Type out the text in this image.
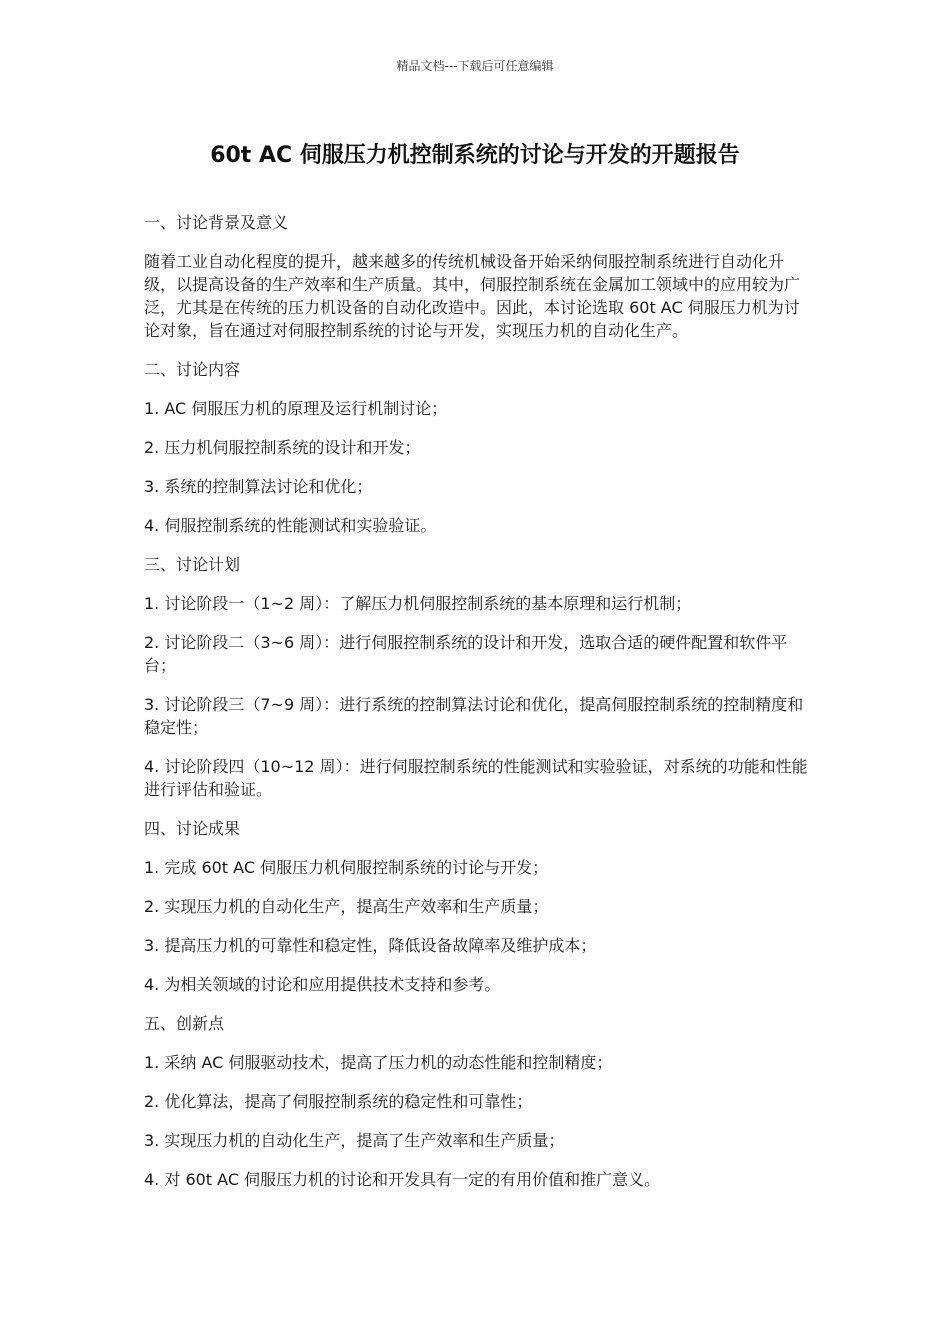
精品文档---下载后可任意编辑
60t AC 伺服压力机控制系统的讨论与开发的开题报告

一、讨论背景及意义

随着工业自动化程度的提升，越来越多的传统机械设备开始采纳伺服控制系统进行自动化升级，以提高设备的生产效率和生产质量。其中，伺服控制系统在金属加工领域中的应用较为广泛，尤其是在传统的压力机设备的自动化改造中。因此，本讨论选取 60t AC 伺服压力机为讨论对象，旨在通过对伺服控制系统的讨论与开发，实现压力机的自动化生产。

二、讨论内容

1. AC 伺服压力机的原理及运行机制讨论；

2. 压力机伺服控制系统的设计和开发；

3. 系统的控制算法讨论和优化；

4. 伺服控制系统的性能测试和实验验证。

三、讨论计划

1. 讨论阶段一（1~2 周）：了解压力机伺服控制系统的基本原理和运行机制；

2. 讨论阶段二（3~6 周）：进行伺服控制系统的设计和开发，选取合适的硬件配置和软件平台；

3. 讨论阶段三（7~9 周）：进行系统的控制算法讨论和优化，提高伺服控制系统的控制精度和稳定性；

4. 讨论阶段四（10~12 周）：进行伺服控制系统的性能测试和实验验证，对系统的功能和性能进行评估和验证。

四、讨论成果

1. 完成 60t AC 伺服压力机伺服控制系统的讨论与开发；

2. 实现压力机的自动化生产，提高生产效率和生产质量；

3. 提高压力机的可靠性和稳定性，降低设备故障率及维护成本；

4. 为相关领域的讨论和应用提供技术支持和参考。

五、创新点

1. 采纳 AC 伺服驱动技术，提高了压力机的动态性能和控制精度；

2. 优化算法，提高了伺服控制系统的稳定性和可靠性；

3. 实现压力机的自动化生产，提高了生产效率和生产质量；

4. 对 60t AC 伺服压力机的讨论和开发具有一定的有用价值和推广意义。
